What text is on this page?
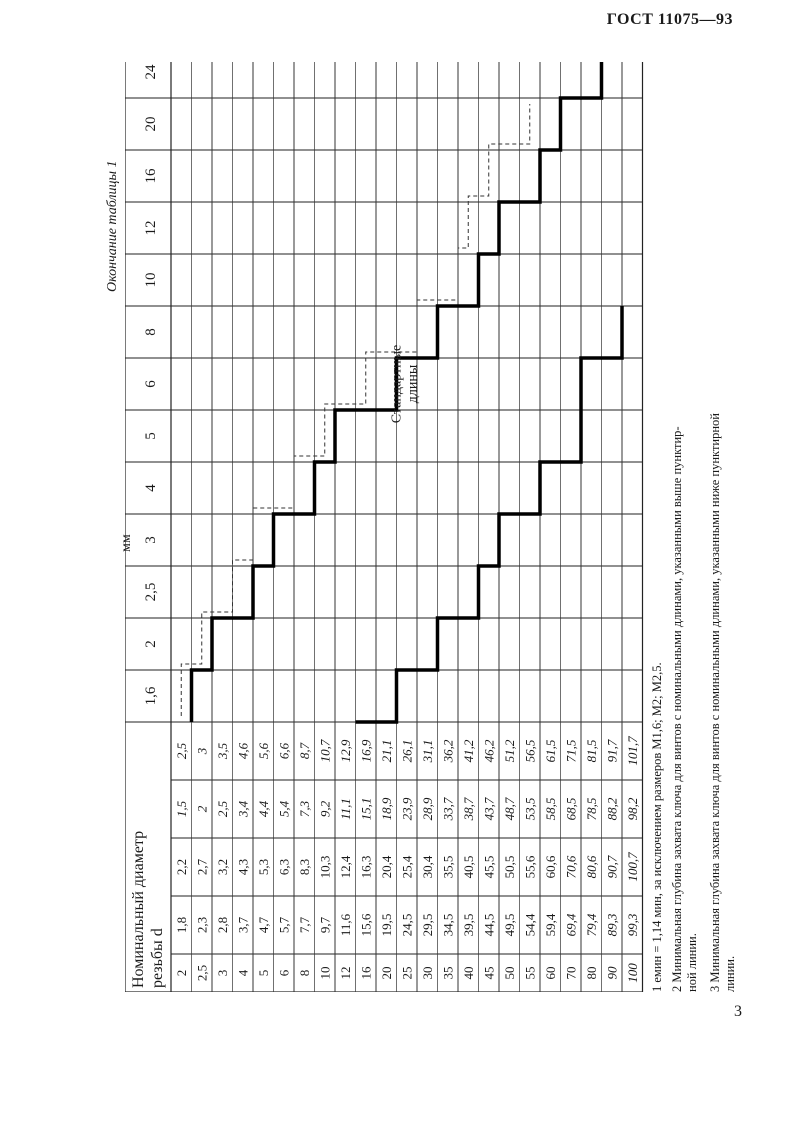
ГОСТ 11075—93
3
Окончание таблицы 1
мм
Номинальный диаметр резьбы d
1,6
2
2,5
3
4
5
6
8
10
12
16
20
24
2
1,8
2,2
1,5
2,5
2,5
2,3
2,7
2
3
3
2,8
3,2
2,5
3,5
4
3,7
4,3
3,4
4,6
5
4,7
5,3
4,4
5,6
6
5,7
6,3
5,4
6,6
8
7,7
8,3
7,3
8,7
10
9,7
10,3
9,2
10,7
12
11,6
12,4
11,1
12,9
16
15,6
16,3
15,1
16,9
20
19,5
20,4
18,9
21,1
25
24,5
25,4
23,9
26,1
30
29,5
30,4
28,9
31,1
35
34,5
35,5
33,7
36,2
40
39,5
40,5
38,7
41,2
45
44,5
45,5
43,7
46,2
50
49,5
50,5
48,7
51,2
55
54,4
55,6
53,5
56,5
60
59,4
60,6
58,5
61,5
70
69,4
70,6
68,5
71,5
80
79,4
80,6
78,5
81,5
90
89,3
90,7
88,2
91,7
100
99,3
100,7
98,2
101,7
Стандартные длины
1 eмин = 1,14 мин, за исключением размеров М1,6; М2; М2,5. 2 Минимальная глубина захвата ключа для винтов с номинальными длинами, указанными выше пунктир- ной линии. 3 Минимальная глубина захвата ключа для винтов с номинальными длинами, указанными ниже пунктирной линии.
